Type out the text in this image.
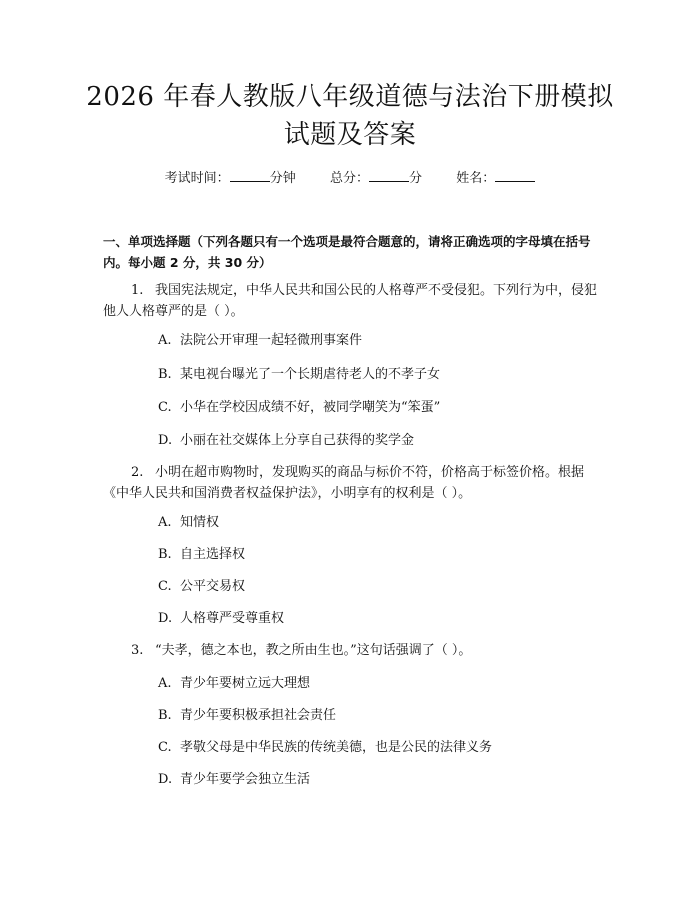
2026 年春人教版八年级道德与法治下册模拟
试题及答案
考试时间：	分钟	总分：	分	姓名：
一、单项选择题（下列各题只有一个选项是最符合题意的，请将正确选项的字母填在括号内。每小题 2 分，共 30 分）
1. 我国宪法规定，中华人民共和国公民的人格尊严不受侵犯。下列行为中，侵犯他人人格尊严的是（ ）。
A. 法院公开审理一起轻微刑事案件
B. 某电视台曝光了一个长期虐待老人的不孝子女
C. 小华在学校因成绩不好，被同学嘲笑为“笨蛋”
D. 小丽在社交媒体上分享自己获得的奖学金
2. 小明在超市购物时，发现购买的商品与标价不符，价格高于标签价格。根据《中华人民共和国消费者权益保护法》，小明享有的权利是（ ）。
A. 知情权
B. 自主选择权
C. 公平交易权
D. 人格尊严受尊重权
3. “夫孝，德之本也，教之所由生也。”这句话强调了（ ）。
A. 青少年要树立远大理想
B. 青少年要积极承担社会责任
C. 孝敬父母是中华民族的传统美德，也是公民的法律义务
D. 青少年要学会独立生活
